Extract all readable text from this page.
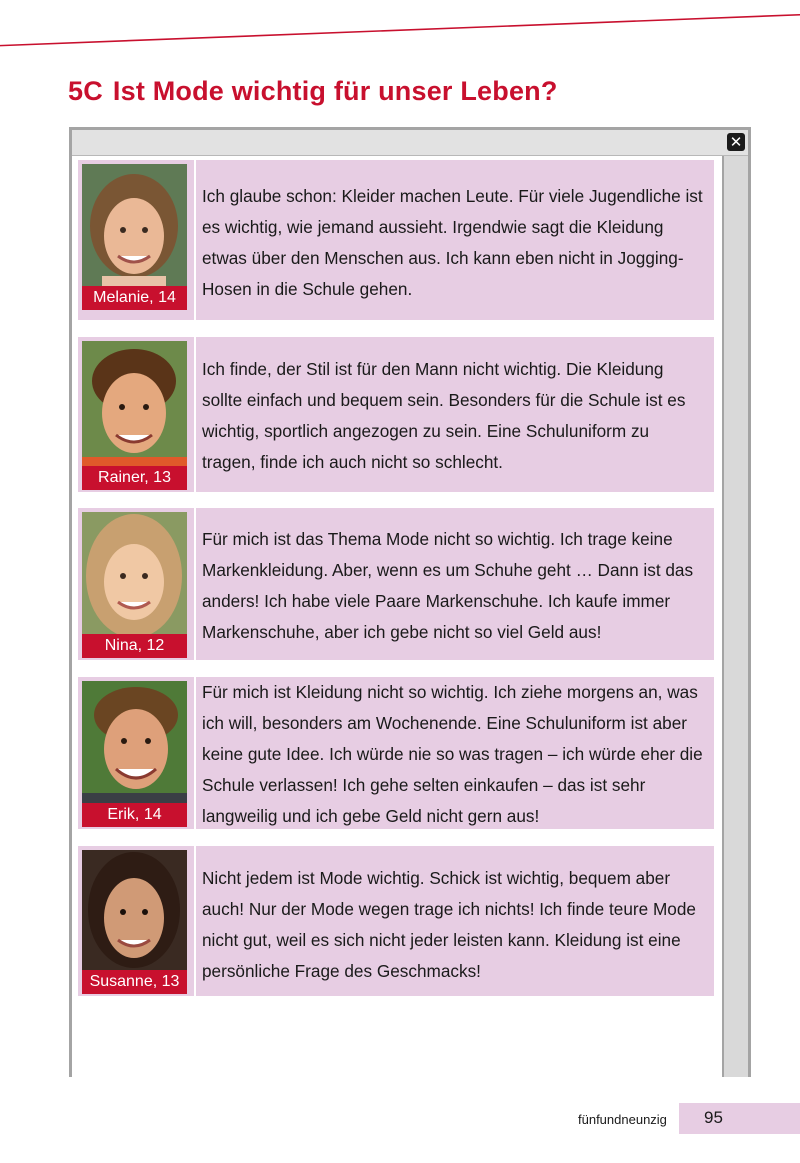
5C Ist Mode wichtig für unser Leben?
✕
Melanie, 14
Ich glaube schon: Kleider machen Leute. Für viele Jugendliche ist es wichtig, wie jemand aussieht. Irgendwie sagt die Kleidung etwas über den Menschen aus. Ich kann eben nicht in Jogging-Hosen in die Schule gehen.
Rainer, 13
Ich finde, der Stil ist für den Mann nicht wichtig. Die Kleidung sollte einfach und bequem sein. Besonders für die Schule ist es wichtig, sportlich angezogen zu sein. Eine Schuluniform zu tragen, finde ich auch nicht so schlecht.
Nina, 12
Für mich ist das Thema Mode nicht so wichtig. Ich trage keine Markenkleidung. Aber, wenn es um Schuhe geht … Dann ist das anders! Ich habe viele Paare Markenschuhe. Ich kaufe immer Markenschuhe, aber ich gebe nicht so viel Geld aus!
Erik, 14
Für mich ist Kleidung nicht so wichtig. Ich ziehe morgens an, was ich will, besonders am Wochenende. Eine Schuluniform ist aber keine gute Idee. Ich würde nie so was tragen – ich würde eher die Schule verlassen! Ich gehe selten einkaufen – das ist sehr langweilig und ich gebe Geld nicht gern aus!
Susanne, 13
Nicht jedem ist Mode wichtig. Schick ist wichtig, bequem aber auch! Nur der Mode wegen trage ich nichts! Ich finde teure Mode nicht gut, weil es sich nicht jeder leisten kann. Kleidung ist eine persönliche Frage des Geschmacks!
fünfundneunzig 95
